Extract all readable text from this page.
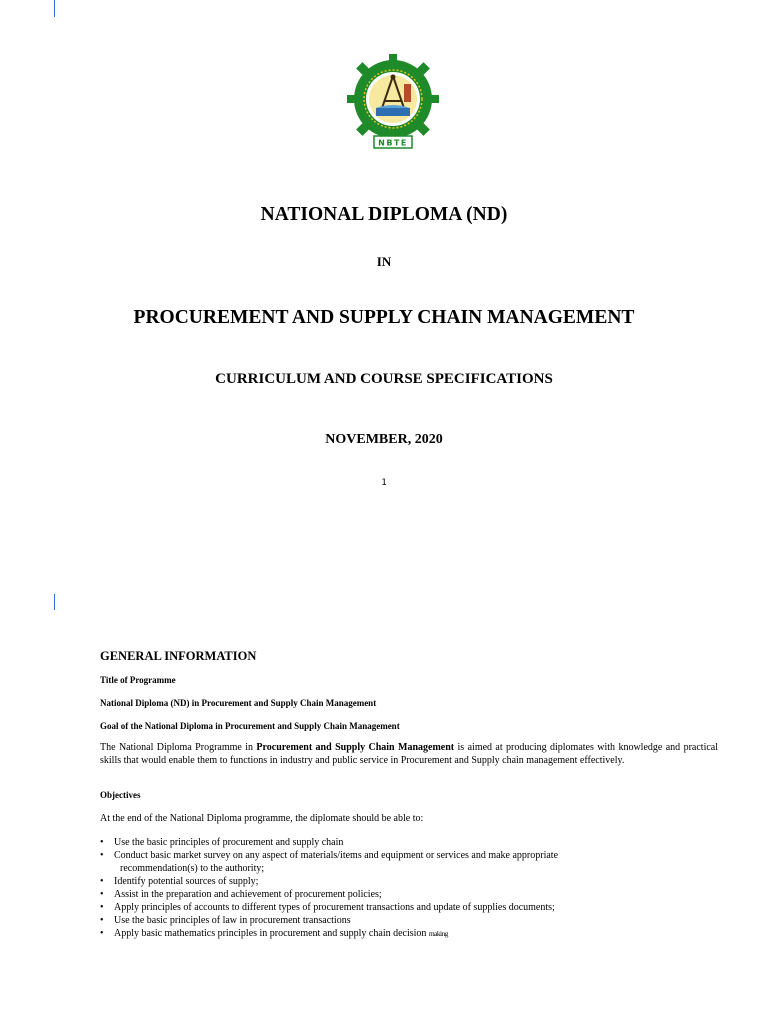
NBTE
NATIONAL DIPLOMA (ND)
IN
PROCUREMENT AND SUPPLY CHAIN MANAGEMENT
CURRICULUM AND COURSE SPECIFICATIONS
NOVEMBER, 2020
1
GENERAL INFORMATION
Title of Programme
National Diploma (ND) in Procurement and Supply Chain Management
Goal of the National Diploma in Procurement and Supply Chain Management
The National Diploma Programme in Procurement and Supply Chain Management is aimed at producing diplomates with knowledge and practical skills that would enable them to functions in industry and public service in Procurement and Supply chain management effectively.
Objectives
At the end of the National Diploma programme, the diplomate should be able to:
• Use the basic principles of procurement and supply chain
• Conduct basic market survey on any aspect of materials/items and equipment or services and make appropriate
recommendation(s) to the authority;
• Identify potential sources of supply;
• Assist in the preparation and achievement of procurement policies;
• Apply principles of accounts to different types of procurement transactions and update of supplies documents;
• Use the basic principles of law in procurement transactions
• Apply basic mathematics principles in procurement and supply chain decision making
